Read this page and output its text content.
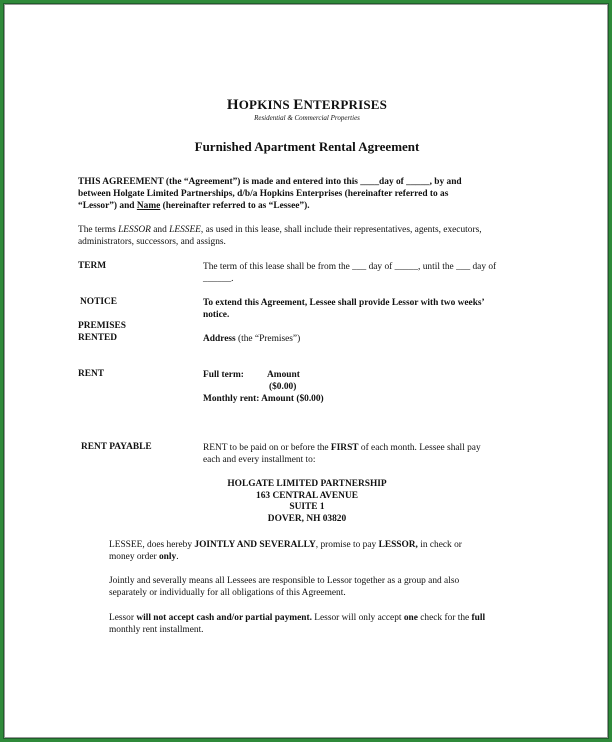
HOPKINS ENTERPRISES
Residential & Commercial Properties
Furnished Apartment Rental Agreement
THIS AGREEMENT (the “Agreement”) is made and entered into this ____day of _____, by and
between Holgate Limited Partnerships, d/b/a Hopkins Enterprises (hereinafter referred to as
“Lessor”) and Name (hereinafter referred to as “Lessee”).
The terms LESSOR and LESSEE, as used in this lease, shall include their representatives, agents, executors,
administrators, successors, and assigns.
TERM	The term of this lease shall be from the ___ day of _____, until the ___ day of
______.
NOTICE	To extend this Agreement, Lessee shall provide Lessor with two weeks’
notice.
PREMISES
RENTED	Address (the “Premises”)
RENT	Full term: Amount
($0.00)
Monthly rent: Amount ($0.00)
RENT PAYABLE	RENT to be paid on or before the FIRST of each month. Lessee shall pay
each and every installment to:
HOLGATE LIMITED PARTNERSHIP
163 CENTRAL AVENUE
SUITE 1
DOVER, NH 03820
LESSEE, does hereby JOINTLY AND SEVERALLY, promise to pay LESSOR, in check or
money order only.
Jointly and severally means all Lessees are responsible to Lessor together as a group and also
separately or individually for all obligations of this Agreement.
Lessor will not accept cash and/or partial payment. Lessor will only accept one check for the full
monthly rent installment.
